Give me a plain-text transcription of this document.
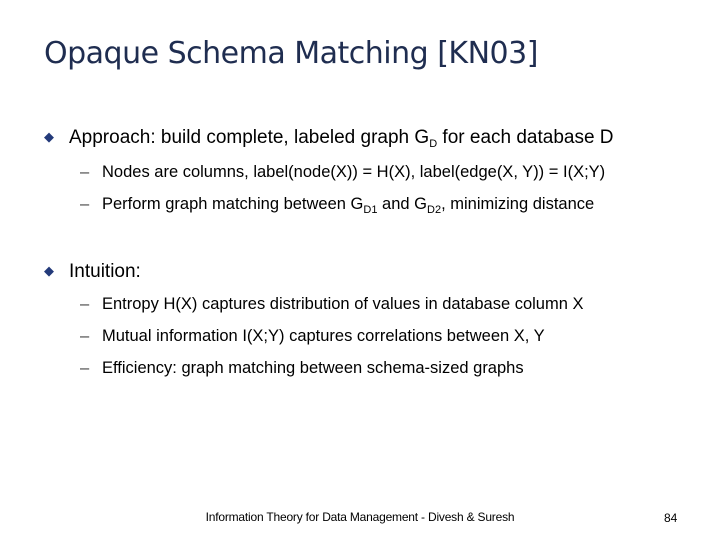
Opaque Schema Matching [KN03]
◆ Approach: build complete, labeled graph $G_D$ for each database D
– Nodes are columns, label(node(X)) = H(X), label(edge(X, Y)) = I(X;Y)
– Perform graph matching between $G_{D1}$ and $G_{D2}$, minimizing distance
◆ Intuition:
– Entropy H(X) captures distribution of values in database column X
– Mutual information I(X;Y) captures correlations between X, Y
– Efficiency: graph matching between schema-sized graphs
Information Theory for Data Management - Divesh & Suresh	84
